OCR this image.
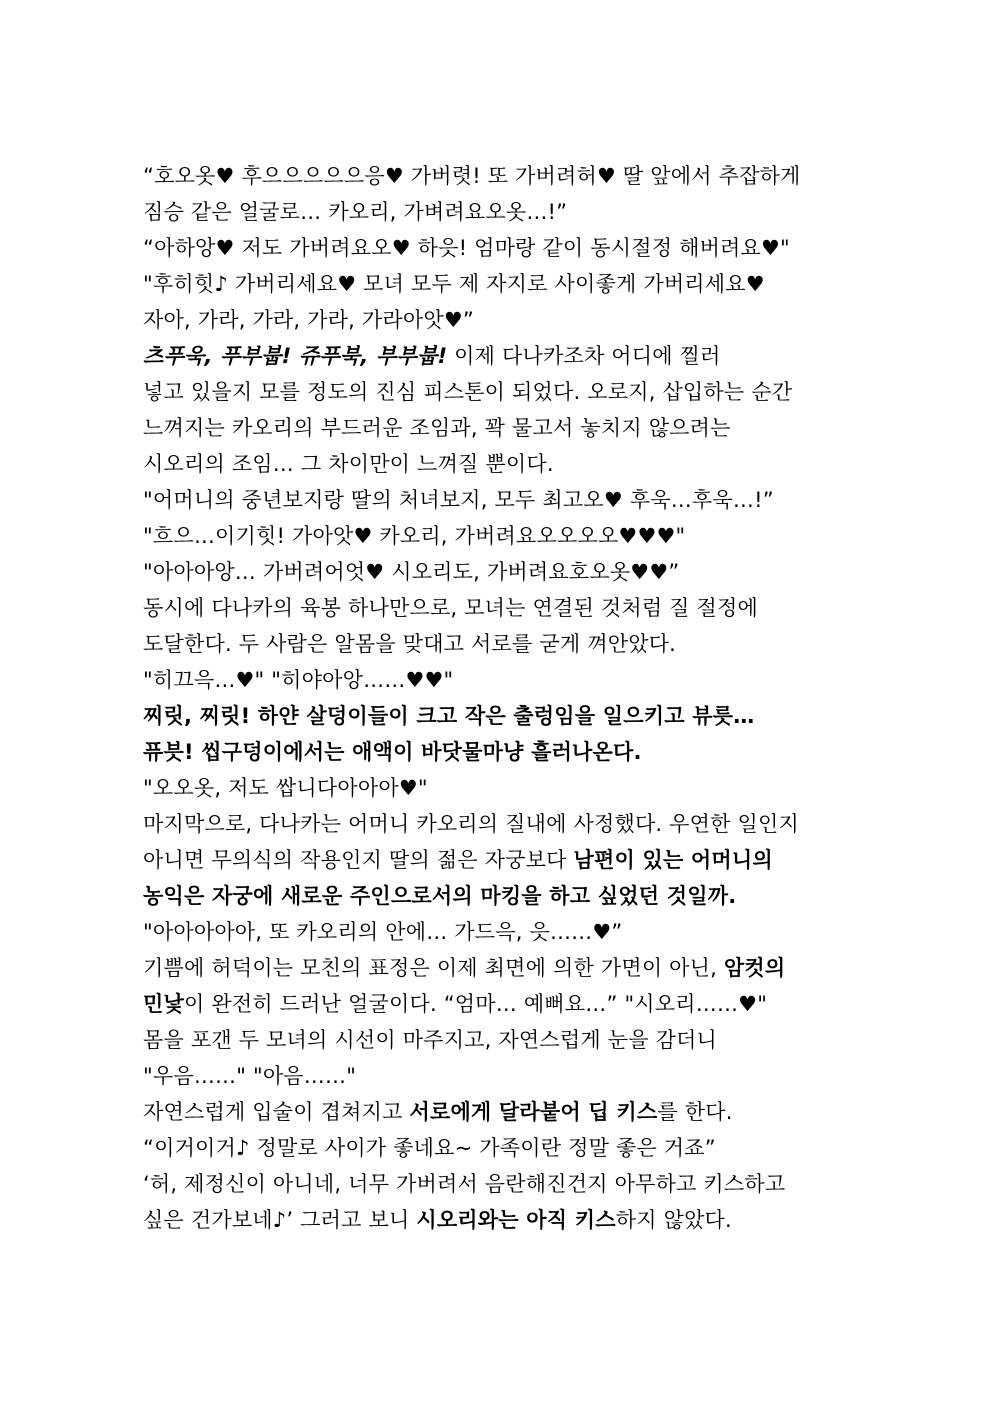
“호오옷♥ 후으으으으으응♥ 가버렷! 또 가버려허♥ 딸 앞에서 추잡하게
짐승 같은 얼굴로… 카오리, 가벼려요오옷…!”
“아하앙♥ 저도 가버려요오♥ 하읏! 엄마랑 같이 동시절정 해버려요♥"
"후히힛♪ 가버리세요♥ 모녀 모두 제 자지로 사이좋게 가버리세요♥
자아, 가라, 가라, 가라, 가라아앗♥”
츠푸욱, 푸부붑! 쥬푸북, 부부붑! 이제 다나카조차 어디에 찔러
넣고 있을지 모를 정도의 진심 피스톤이 되었다. 오로지, 삽입하는 순간
느껴지는 카오리의 부드러운 조임과, 꽉 물고서 놓치지 않으려는
시오리의 조임… 그 차이만이 느껴질 뿐이다.
"어머니의 중년보지랑 딸의 처녀보지, 모두 최고오♥ 후욱…후욱…!”
"흐으…이기힛! 가아앗♥ 카오리, 가버려요오오오오♥♥♥"
"아아아앙… 가버려어엇♥ 시오리도, 가버려요호오옷♥♥”
동시에 다나카의 육봉 하나만으로, 모녀는 연결된 것처럼 질 절정에
도달한다. 두 사람은 알몸을 맞대고 서로를 굳게 껴안았다.
"히끄윽…♥" "히야아앙……♥♥"
찌릿, 찌릿! 하얀 살덩이들이 크고 작은 출렁임을 일으키고 뷰릇…
퓨븟! 씹구덩이에서는 애액이 바닷물마냥 흘러나온다.
"오오옷, 저도 쌉니다아아아♥"
마지막으로, 다나카는 어머니 카오리의 질내에 사정했다. 우연한 일인지
아니면 무의식의 작용인지 딸의 젊은 자궁보다 남편이 있는 어머니의
농익은 자궁에 새로운 주인으로서의 마킹을 하고 싶었던 것일까.
"아아아아아, 또 카오리의 안에… 가드윽, 읏……♥”
기쁨에 허덕이는 모친의 표정은 이제 최면에 의한 가면이 아닌, 암컷의
민낯이 완전히 드러난 얼굴이다. “엄마… 예뻐요…” "시오리……♥"
몸을 포갠 두 모녀의 시선이 마주지고, 자연스럽게 눈을 감더니
"우음……" "아음……"
자연스럽게 입술이 겹쳐지고 서로에게 달라붙어 딥 키스를 한다.
“이거이거♪ 정말로 사이가 좋네요~ 가족이란 정말 좋은 거죠”
‘허, 제정신이 아니네, 너무 가버려서 음란해진건지 아무하고 키스하고
싶은 건가보네♪’ 그러고 보니 시오리와는 아직 키스하지 않았다.
